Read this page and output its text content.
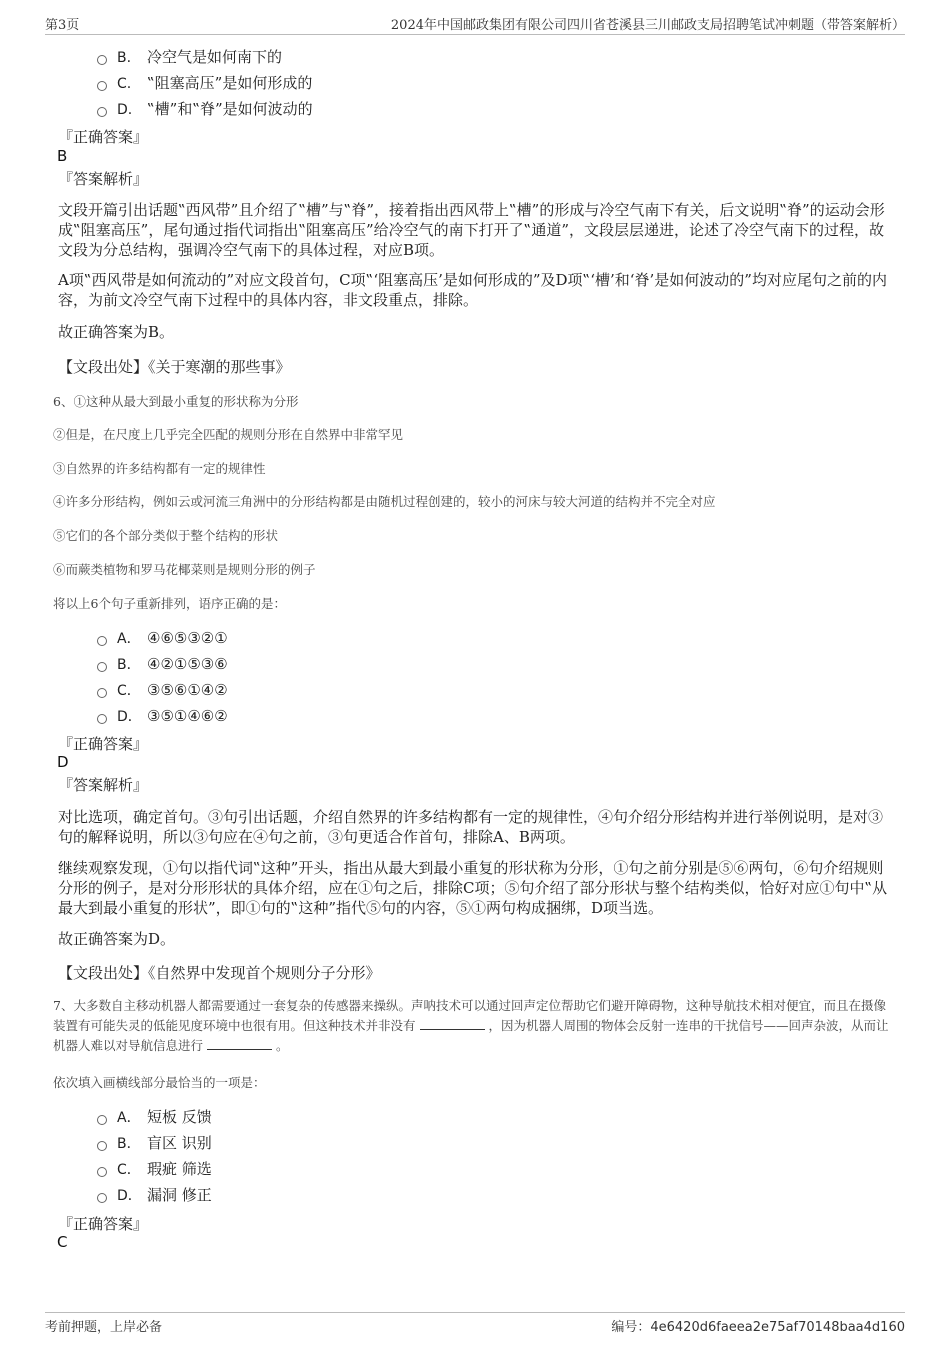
第3页	2024年中国邮政集团有限公司四川省苍溪县三川邮政支局招聘笔试冲刺题（带答案解析）
B. 冷空气是如何南下的
C. ‟阻塞高压”是如何形成的
D. ‟槽”和‟脊”是如何波动的
『正确答案』
B
『答案解析』
文段开篇引出话题‟西风带”且介绍了‟槽”与‟脊”，接着指出西风带上‟槽”的形成与冷空气南下有关，后文说明‟脊”的运动会形成‟阻塞高压”，尾句通过指代词指出‟阻塞高压”给冷空气的南下打开了‟通道”，文段层层递进，论述了冷空气南下的过程，故文段为分总结构，强调冷空气南下的具体过程，对应B项。
A项‟西风带是如何流动的”对应文段首句，C项‟‘阻塞高压’是如何形成的”及D项‟‘槽’和‘脊’是如何波动的”均对应尾句之前的内容，为前文冷空气南下过程中的具体内容，非文段重点，排除。
故正确答案为B。
【文段出处】《关于寒潮的那些事》
6、①这种从最大到最小重复的形状称为分形
②但是，在尺度上几乎完全匹配的规则分形在自然界中非常罕见
③自然界的许多结构都有一定的规律性
④许多分形结构，例如云或河流三角洲中的分形结构都是由随机过程创建的，较小的河床与较大河道的结构并不完全对应
⑤它们的各个部分类似于整个结构的形状
⑥而蕨类植物和罗马花椰菜则是规则分形的例子
将以上6个句子重新排列，语序正确的是：
A． ④⑥⑤③②①
B． ④②①⑤③⑥
C． ③⑤⑥①④②
D． ③⑤①④⑥②
『正确答案』
D
『答案解析』
对比选项，确定首句。③句引出话题，介绍自然界的许多结构都有一定的规律性，④句介绍分形结构并进行举例说明，是对③句的解释说明，所以③句应在④句之前，③句更适合作首句，排除A、B两项。
继续观察发现，①句以指代词‟这种”开头，指出从最大到最小重复的形状称为分形，①句之前分别是⑤⑥两句，⑥句介绍规则分形的例子，是对分形形状的具体介绍，应在①句之后，排除C项；⑤句介绍了部分形状与整个结构类似，恰好对应①句中‟从最大到最小重复的形状”，即①句的‟这种”指代⑤句的内容，⑤①两句构成捆绑，D项当选。
故正确答案为D。
【文段出处】《自然界中发现首个规则分子分形》
7、大多数自主移动机器人都需要通过一套复杂的传感器来操纵。声呐技术可以通过回声定位帮助它们避开障碍物，这种导航技术相对便宜，而且在摄像装置有可能失灵的低能见度环境中也很有用。但这种技术并非没有	，因为机器人周围的物体会反射一连串的干扰信号——回声杂波，从而让机器人难以对导航信息进行	。
依次填入画横线部分最恰当的一项是：
A． 短板 反馈
B． 盲区 识别
C． 瑕疵 筛选
D． 漏洞 修正
『正确答案』
C
考前押题，上岸必备	编号：4e6420d6faeea2e75af70148baa4d160
